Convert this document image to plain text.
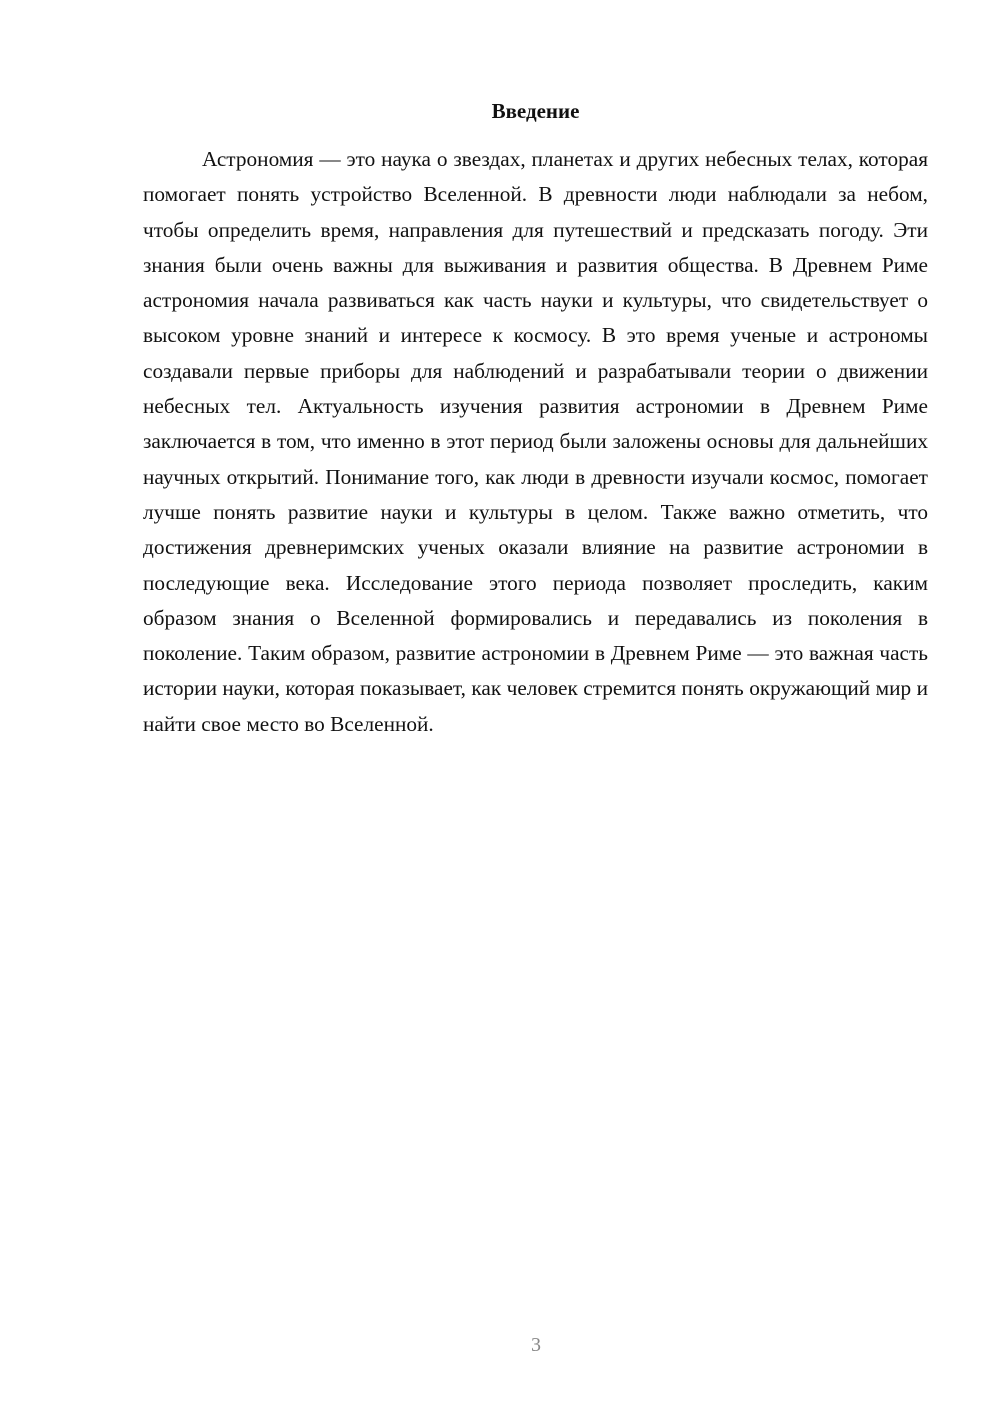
Введение

Астрономия — это наука о звездах, планетах и других небесных телах, которая помогает понять устройство Вселенной. В древности люди наблюдали за небом, чтобы определить время, направления для путешествий и предсказать погоду. Эти знания были очень важны для выживания и развития общества. В Древнем Риме астрономия начала развиваться как часть науки и культуры, что свидетельствует о высоком уровне знаний и интересе к космосу. В это время ученые и астрономы создавали первые приборы для наблюдений и разрабатывали теории о движении небесных тел. Актуальность изучения развития астрономии в Древнем Риме заключается в том, что именно в этот период были заложены основы для дальнейших научных открытий. Понимание того, как люди в древности изучали космос, помогает лучше понять развитие науки и культуры в целом. Также важно отметить, что достижения древнеримских ученых оказали влияние на развитие астрономии в последующие века. Исследование этого периода позволяет проследить, каким образом знания о Вселенной формировались и передавались из поколения в поколение. Таким образом, развитие астрономии в Древнем Риме — это важная часть истории науки, которая показывает, как человек стремится понять окружающий мир и найти свое место во Вселенной.

3
